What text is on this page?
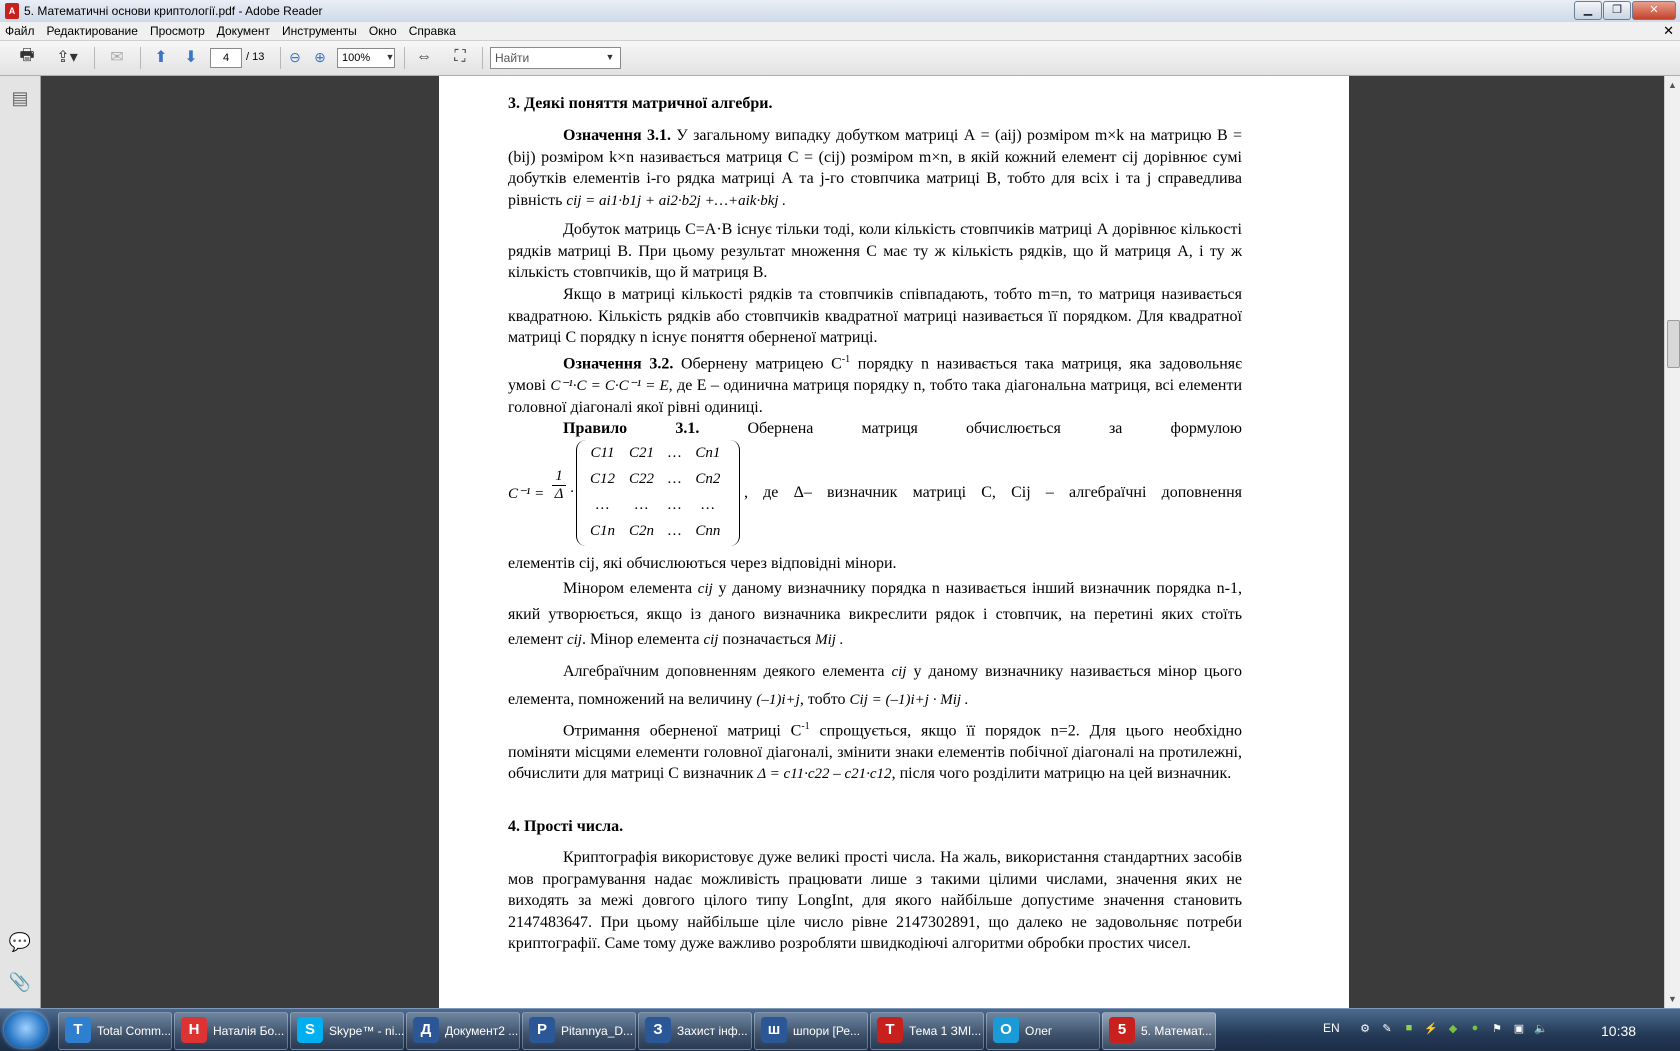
A 5. Математичні основи криптології.pdf - Adobe Reader	▁	❐	✕
Файл	Редактирование	Просмотр	Документ	Инструменты	Окно	Справка	✕
🖶	⇪▾	✉	⬆ ⬇	4	/ 13 ⊖ ⊕	100%	▼ ⇔	⛶	Найти	▼
▤
💬
📎
3. Деякі поняття матричної алгебри.
Означення 3.1. У загальному випадку добутком матриці А = (aij) розміром m×k на матрицю В = (bij) розміром k×n називається матриця С = (cij) розміром m×n, в якій кожний елемент cij дорівнює сумі добутків елементів і-го рядка матриці А та j-го стовпчика матриці В, тобто для всіх і та j справедлива рівність cij = ai1·b1j + ai2·b2j +…+aik·bkj .
Добуток матриць С=А·В існує тільки тоді, коли кількість стовпчиків матриці А дорівнює кількості рядків матриці В. При цьому результат множення С має ту ж кількість рядків, що й матриця А, і ту ж кількість стовпчиків, що й матриця В.
Якщо в матриці кількості рядків та стовпчиків співпадають, тобто m=n, то матриця називається квадратною. Кількість рядків або стовпчиків квадратної матриці називається її порядком. Для квадратної матриці С порядку n існує поняття оберненої матриці.
Означення 3.2. Обернену матрицею $С^{-1}$ порядку n називається така матриця, яка задовольняє умові C⁻¹·C = C·C⁻¹ = E, де Е – одинична матриця порядку n, тобто така діагональна матриця, всі елементи головної діагоналі якої рівні одиниці.
Правило 3.1.	Обернена матриця обчислюється за формулою
$C^{-1} = \frac{1}{\Delta}$ ·
C11	C21	…	Cn1
C12	C22	…	Cn2
…	…	…	…
C1n	C2n	…	Cnn
, де Δ– визначник матриці С, Cij – алгебраїчні доповнення
елементів cij, які обчислюються через відповідні мінори.
Мінором елемента cij у даному визначнику порядка n називається інший визначник порядка n-1, який утворюється, якщо із даного визначника викреслити рядок і стовпчик, на перетині яких стоїть елемент cij. Мінор елемента cij позначається Mij .
Алгебраїчним доповненням деякого елемента cij у даному визначнику називається мінор цього елемента, помножений на величину (–1)i+j, тобто Cij = (–1)i+j · Mij .
Отримання оберненої матриці $С^{-1}$ спрощується, якщо її порядок n=2. Для цього необхідно поміняти місцями елементи головної діагоналі, змінити знаки елементів побічної діагоналі на протилежні, обчислити для матриці С визначник Δ = c11·c22 – c21·c12, після чого розділити матрицю на цей визначник.
4. Прості числа.
Криптографія використовує дуже великі прості числа. На жаль, використання стандартних засобів мов програмування надає можливість працювати лише з такими цілими числами, значення яких не виходять за межі довгого цілого типу LongInt, для якого найбільше допустиме значення становить 2147483647. При цьому найбільше ціле число рівне 2147302891, що далеко не задовольняє потреби криптографії. Саме тому дуже важливо розробляти швидкодіючі алгоритми обробки простих чисел.
▲
▼
T	Total Comm...	Н	Наталія Бо...	S	Skype™ - ni...	Д	Документ2 ...	P	Pitannya_D...	З	Захист інф...	ш	шпори [Ре...	Т	Тема 1 ЗМІ...	О	Олег	5	5. Математ...	EN ⚙ ✎	■	⚡ ◆	●	⚑ ▣ 🔈	10:38
